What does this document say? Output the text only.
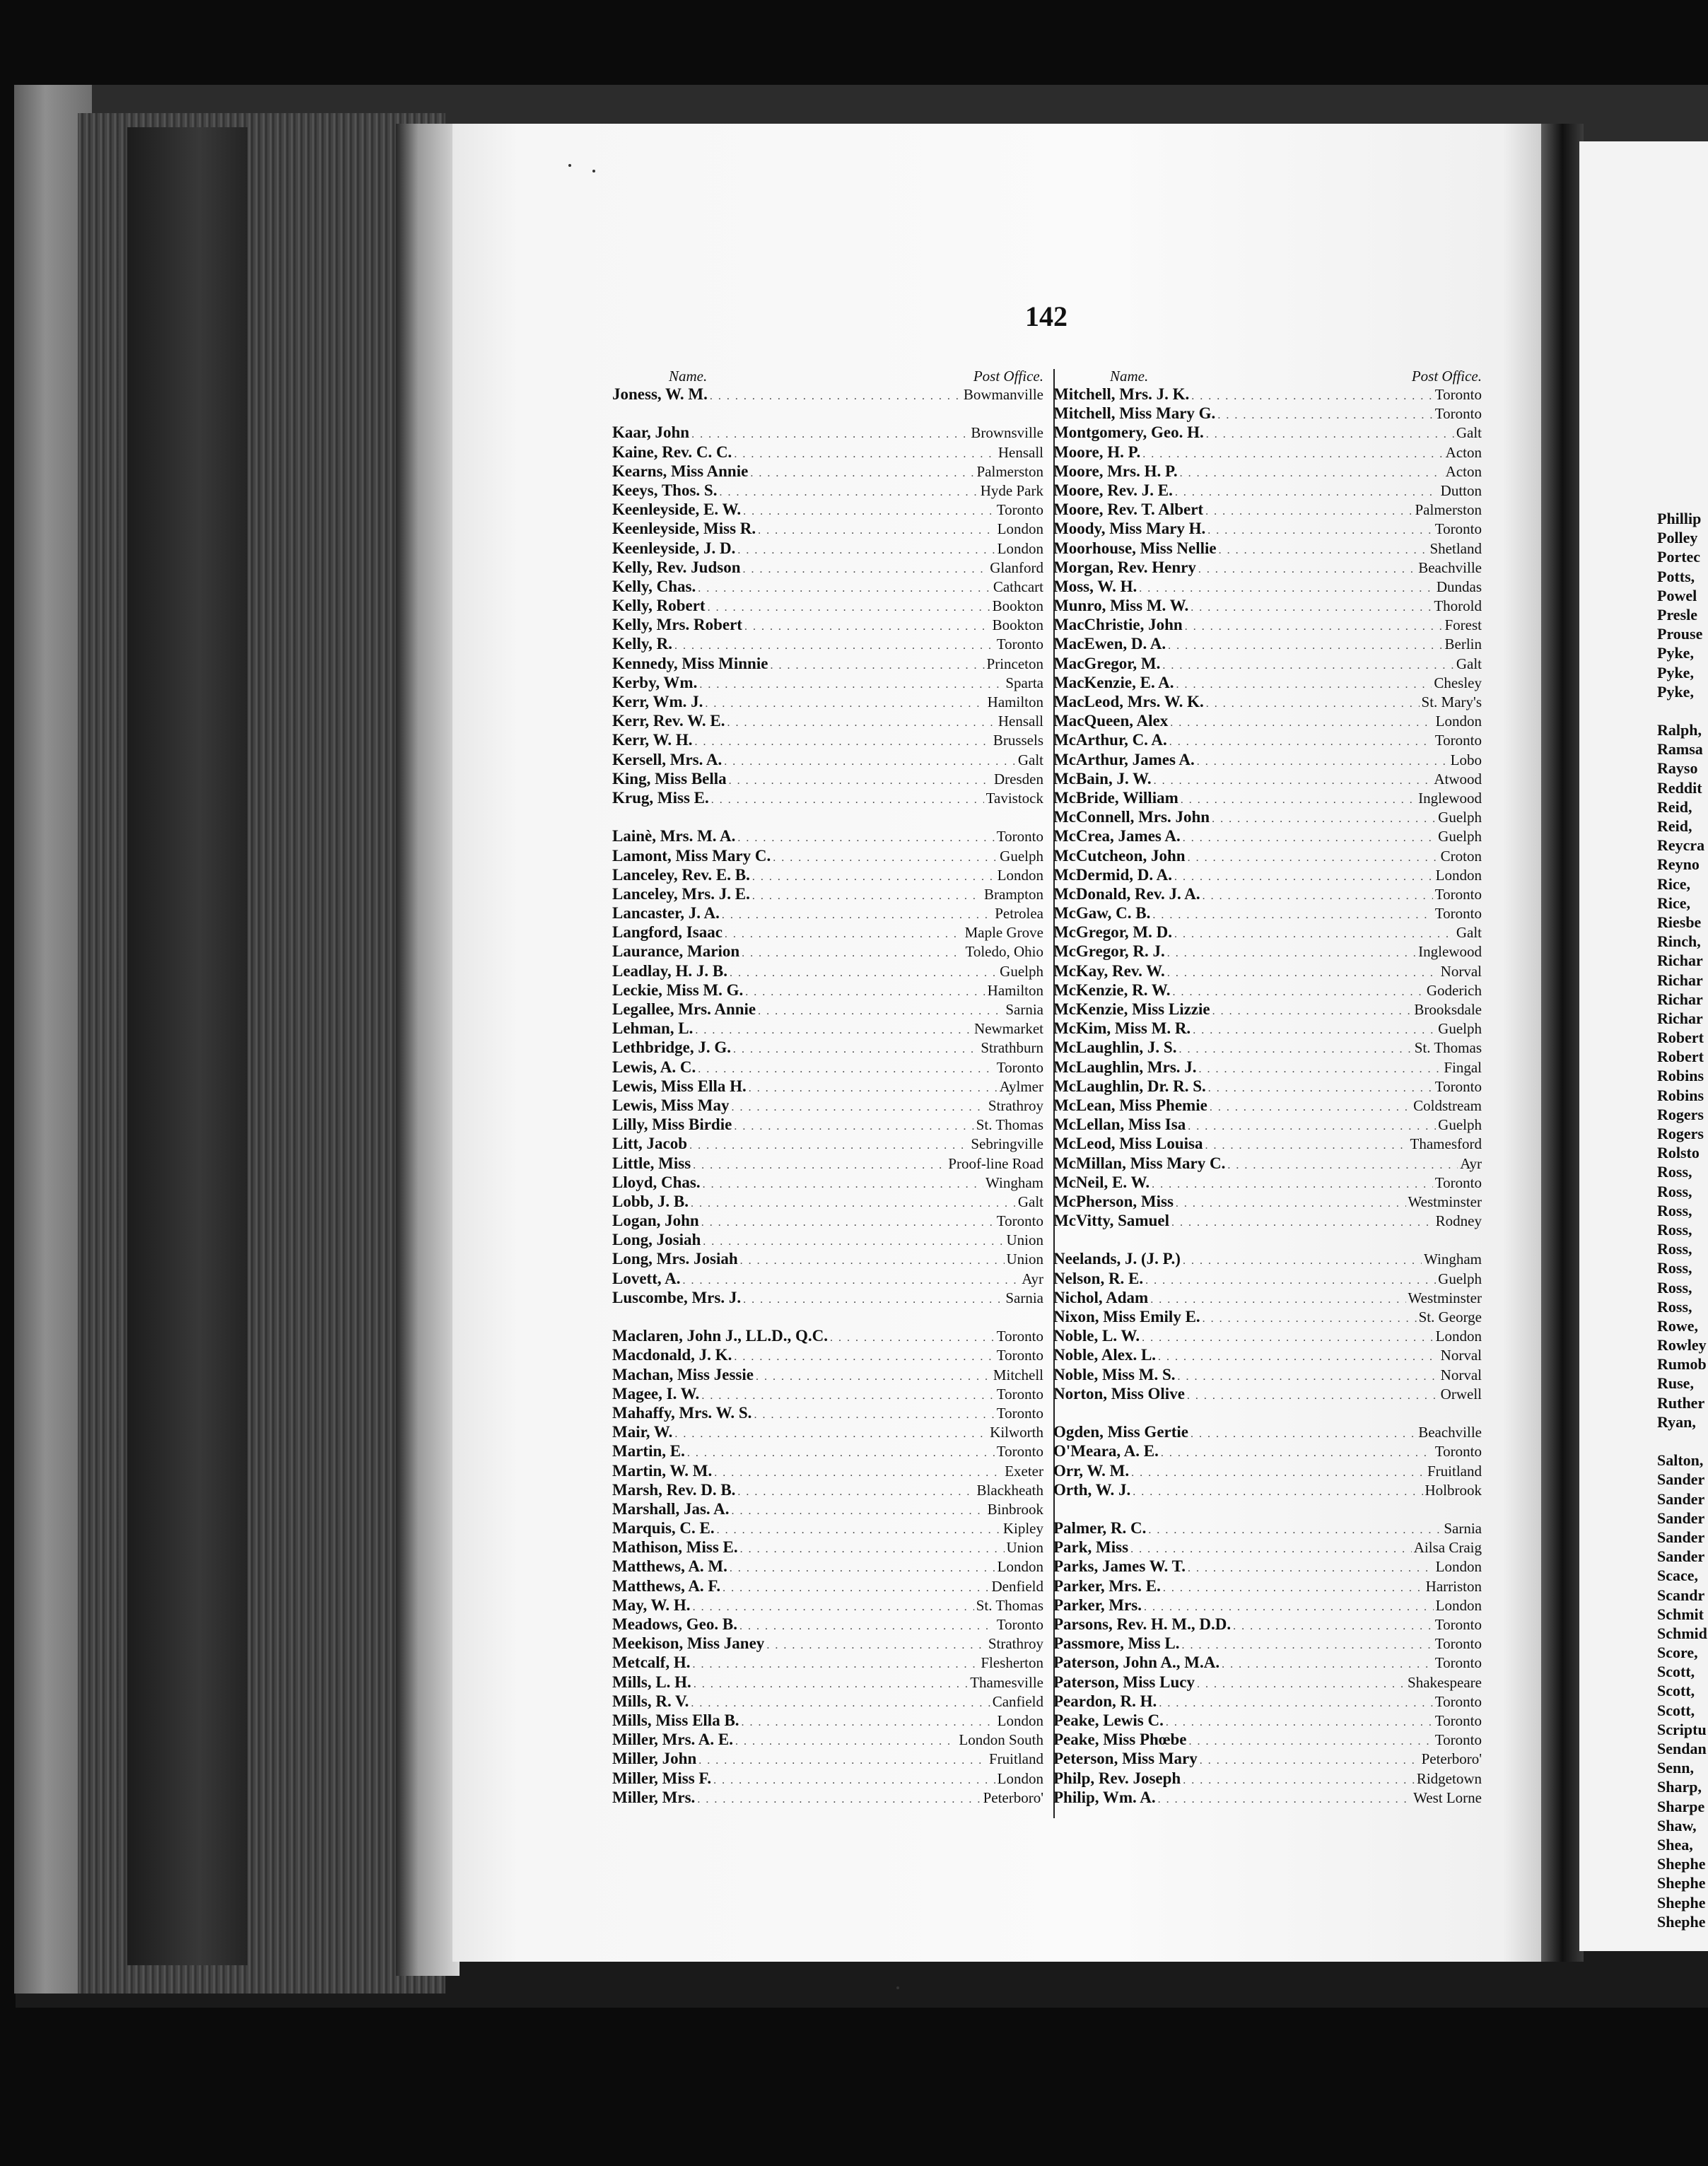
Phillip
Polley
Portec
Potts,
Powel
Presle
Prouse
Pyke,
Pyke,
Pyke,
Ralph,
Ramsa
Rayso
Reddit
Reid,
Reid,
Reycra
Reyno
Rice,
Rice,
Riesbe
Rinch,
Richar
Richar
Richar
Richar
Robert
Robert
Robins
Robins
Rogers
Rogers
Rolsto
Ross,
Ross,
Ross,
Ross,
Ross,
Ross,
Ross,
Ross,
Rowe,
Rowley
Rumob
Ruse,
Ruther
Ryan,
Salton,
Sander
Sander
Sander
Sander
Sander
Scace,
Scandr
Schmit
Schmid
Score,
Scott,
Scott,
Scott,
Scriptu
Sendan
Senn,
Sharp,
Sharpe
Shaw,
Shea,
Shephe
Shephe
Shephe
Shephe
142
Name.	Post Office.
Joness, W. M. . . .	Bowmanville
Kaar, John . . .	Brownsville
Kaine, Rev. C. C. . . .	Hensall
Kearns, Miss Annie . . .	Palmerston
Keeys, Thos. S. . . .	Hyde Park
Keenleyside, E. W. . . .	Toronto
Keenleyside, Miss R. . . .	London
Keenleyside, J. D. . . .	London
Kelly, Rev. Judson . . .	Glanford
Kelly, Chas. . . .	Cathcart
Kelly, Robert . . .	Bookton
Kelly, Mrs. Robert . . .	Bookton
Kelly, R. . . .	Toronto
Kennedy, Miss Minnie . . .	Princeton
Kerby, Wm. . . .	Sparta
Kerr, Wm. J. . . .	Hamilton
Kerr, Rev. W. E. . . .	Hensall
Kerr, W. H. . . .	Brussels
Kersell, Mrs. A. . . .	Galt
King, Miss Bella . . .	Dresden
Krug, Miss E. . . .	Tavistock
Lainè, Mrs. M. A. . . .	Toronto
Lamont, Miss Mary C. . . .	Guelph
Lanceley, Rev. E. B. . . .	London
Lanceley, Mrs. J. E. . . .	Brampton
Lancaster, J. A. . . .	Petrolea
Langford, Isaac . . .	Maple Grove
Laurance, Marion . . .	Toledo, Ohio
Leadlay, H. J. B. . . .	Guelph
Leckie, Miss M. G. . . .	Hamilton
Legallee, Mrs. Annie . . .	Sarnia
Lehman, L. . . .	Newmarket
Lethbridge, J. G. . . .	Strathburn
Lewis, A. C. . . .	Toronto
Lewis, Miss Ella H. . . .	Aylmer
Lewis, Miss May . . .	Strathroy
Lilly, Miss Birdie . . .	St. Thomas
Litt, Jacob . . .	Sebringville
Little, Miss . . .	Proof-line Road
Lloyd, Chas. . . .	Wingham
Lobb, J. B. . . .	Galt
Logan, John . . .	Toronto
Long, Josiah . . .	Union
Long, Mrs. Josiah . . .	Union
Lovett, A. . . .	Ayr
Luscombe, Mrs. J. . . .	Sarnia
Maclaren, John J., LL.D., Q.C. . . .	Toronto
Macdonald, J. K. . . .	Toronto
Machan, Miss Jessie . . .	Mitchell
Magee, I. W. . . .	Toronto
Mahaffy, Mrs. W. S. . . .	Toronto
Mair, W. . . .	Kilworth
Martin, E. . . .	Toronto
Martin, W. M. . . .	Exeter
Marsh, Rev. D. B. . . .	Blackheath
Marshall, Jas. A. . . .	Binbrook
Marquis, C. E. . . .	Kipley
Mathison, Miss E. . . .	Union
Matthews, A. M. . . .	London
Matthews, A. F. . . .	Denfield
May, W. H. . . .	St. Thomas
Meadows, Geo. B. . . .	Toronto
Meekison, Miss Janey . . .	Strathroy
Metcalf, H. . . .	Flesherton
Mills, L. H. . . .	Thamesville
Mills, R. V. . . .	Canfield
Mills, Miss Ella B. . . .	London
Miller, Mrs. A. E. . . .	London South
Miller, John . . .	Fruitland
Miller, Miss F. . . .	London
Miller, Mrs. . . .	Peterboro'
Name.	Post Office.
Mitchell, Mrs. J. K. . . .	Toronto
Mitchell, Miss Mary G. . . .	Toronto
Montgomery, Geo. H. . . .	Galt
Moore, H. P. . . .	Acton
Moore, Mrs. H. P. . . .	Acton
Moore, Rev. J. E. . . .	Dutton
Moore, Rev. T. Albert . . .	Palmerston
Moody, Miss Mary H. . . .	Toronto
Moorhouse, Miss Nellie . . .	Shetland
Morgan, Rev. Henry . . .	Beachville
Moss, W. H. . . .	Dundas
Munro, Miss M. W. . . .	Thorold
MacChristie, John . . .	Forest
MacEwen, D. A. . . .	Berlin
MacGregor, M. . . .	Galt
MacKenzie, E. A. . . .	Chesley
MacLeod, Mrs. W. K. . . .	St. Mary's
MacQueen, Alex . . .	London
McArthur, C. A. . . .	Toronto
McArthur, James A. . . .	Lobo
McBain, J. W. . . .	Atwood
McBride, William . . .	Inglewood
McConnell, Mrs. John . . .	Guelph
McCrea, James A. . . .	Guelph
McCutcheon, John . . .	Croton
McDermid, D. A. . . .	London
McDonald, Rev. J. A. . . .	Toronto
McGaw, C. B. . . .	Toronto
McGregor, M. D. . . .	Galt
McGregor, R. J. . . .	Inglewood
McKay, Rev. W. . . .	Norval
McKenzie, R. W. . . .	Goderich
McKenzie, Miss Lizzie . . .	Brooksdale
McKim, Miss M. R. . . .	Guelph
McLaughlin, J. S. . . .	St. Thomas
McLaughlin, Mrs. J. . . .	Fingal
McLaughlin, Dr. R. S. . . .	Toronto
McLean, Miss Phemie . . .	Coldstream
McLellan, Miss Isa . . .	Guelph
McLeod, Miss Louisa . . .	Thamesford
McMillan, Miss Mary C. . . .	Ayr
McNeil, E. W. . . .	Toronto
McPherson, Miss . . .	Westminster
McVitty, Samuel . . .	Rodney
Neelands, J. (J. P.) . . .	Wingham
Nelson, R. E. . . .	Guelph
Nichol, Adam . . .	Westminster
Nixon, Miss Emily E. . . .	St. George
Noble, L. W. . . .	London
Noble, Alex. L. . . .	Norval
Noble, Miss M. S. . . .	Norval
Norton, Miss Olive . . .	Orwell
Ogden, Miss Gertie . . .	Beachville
O'Meara, A. E. . . .	Toronto
Orr, W. M. . . .	Fruitland
Orth, W. J. . . .	Holbrook
Palmer, R. C. . . .	Sarnia
Park, Miss . . .	Ailsa Craig
Parks, James W. T. . . .	London
Parker, Mrs. E. . . .	Harriston
Parker, Mrs. . . .	London
Parsons, Rev. H. M., D.D. . . .	Toronto
Passmore, Miss L. . . .	Toronto
Paterson, John A., M.A. . . .	Toronto
Paterson, Miss Lucy . . .	Shakespeare
Peardon, R. H. . . .	Toronto
Peake, Lewis C. . . .	Toronto
Peake, Miss Phœbe . . .	Toronto
Peterson, Miss Mary . . .	Peterboro'
Philp, Rev. Joseph . . .	Ridgetown
Philip, Wm. A. . . .	West Lorne
